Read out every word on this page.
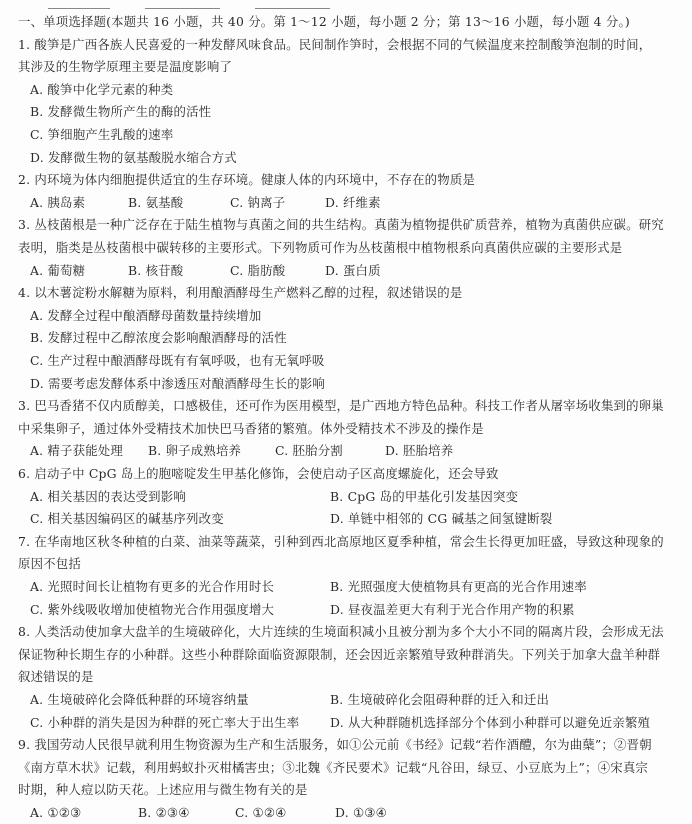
一、单项选择题(本题共 16 小题，共 40 分。第 1～12 小题，每小题 2 分；第 13～16 小题，每小题 4 分。)
1. 酸笋是广西各族人民喜爱的一种发酵风味食品。民间制作笋时，会根据不同的气候温度来控制酸笋泡制的时间，
其涉及的生物学原理主要是温度影响了
A. 酸笋中化学元素的种类
B. 发酵微生物所产生的酶的活性
C. 笋细胞产生乳酸的速率
D. 发酵微生物的氨基酸脱水缩合方式
2. 内环境为体内细胞提供适宜的生存环境。健康人体的内环境中，不存在的物质是
A. 胰岛素	B. 氨基酸	C. 钠离子	D. 纤维素
3. 丛枝菌根是一种广泛存在于陆生植物与真菌之间的共生结构。真菌为植物提供矿质营养，植物为真菌供应碳。研究
表明，脂类是丛枝菌根中碳转移的主要形式。下列物质可作为丛枝菌根中植物根系向真菌供应碳的主要形式是
A. 葡萄糖	B. 核苷酸	C. 脂肪酸	D. 蛋白质
4. 以木薯淀粉水解糖为原料，利用酿酒酵母生产燃料乙醇的过程，叙述错误的是
A. 发酵全过程中酿酒酵母菌数量持续增加
B. 发酵过程中乙醇浓度会影响酿酒酵母的活性
C. 生产过程中酿酒酵母既有有氧呼吸，也有无氧呼吸
D. 需要考虑发酵体系中渗透压对酿酒酵母生长的影响
3. 巴马香猪不仅内质醇美，口感极佳，还可作为医用模型，是广西地方特色品种。科技工作者从屠宰场收集到的卵巢
中采集卵子，通过体外受精技术加快巴马香猪的繁殖。体外受精技术不涉及的操作是
A. 精子获能处理 B. 卵子成熟培养	C. 胚胎分割	D. 胚胎培养
6. 启动子中 CpG 岛上的胞嘧啶发生甲基化修饰，会使启动子区高度螺旋化，还会导致
A. 相关基因的表达受到影响	B. CpG 岛的甲基化引发基因突变
C. 相关基因编码区的碱基序列改变	D. 单链中相邻的 CG 碱基之间氢键断裂
7. 在华南地区秋冬种植的白菜、油菜等蔬菜，引种到西北高原地区夏季种植，常会生长得更加旺盛，导致这种现象的
原因不包括
A. 光照时间长让植物有更多的光合作用时长	B. 光照强度大使植物具有更高的光合作用速率
C. 紫外线吸收增加使植物光合作用强度增大	D. 昼夜温差更大有利于光合作用产物的积累
8. 人类活动使加拿大盘羊的生境破碎化，大片连续的生境面积减小且被分割为多个大小不同的隔离片段，会形成无法
保证物种长期生存的小种群。这些小种群除面临资源限制，还会因近亲繁殖导致种群消失。下列关于加拿大盘羊种群
叙述错误的是
A. 生境破碎化会降低种群的环境容纳量	B. 生境破碎化会阻碍种群的迁入和迁出
C. 小种群的消失是因为种群的死亡率大于出生率 D. 从大种群随机选择部分个体到小种群可以避免近亲繁殖
9. 我国劳动人民很早就利用生物资源为生产和生活服务，如①公元前《书经》记载“若作酒醴，尔为曲蘖”；②晋朝
《南方草木状》记载，利用蚂蚁扑灭柑橘害虫；③北魏《齐民要术》记载“凡谷田，绿豆、小豆底为上”；④宋真宗
时期，种人痘以防天花。上述应用与微生物有关的是
A. ①②③	B. ②③④	C. ①②④	D. ①③④
